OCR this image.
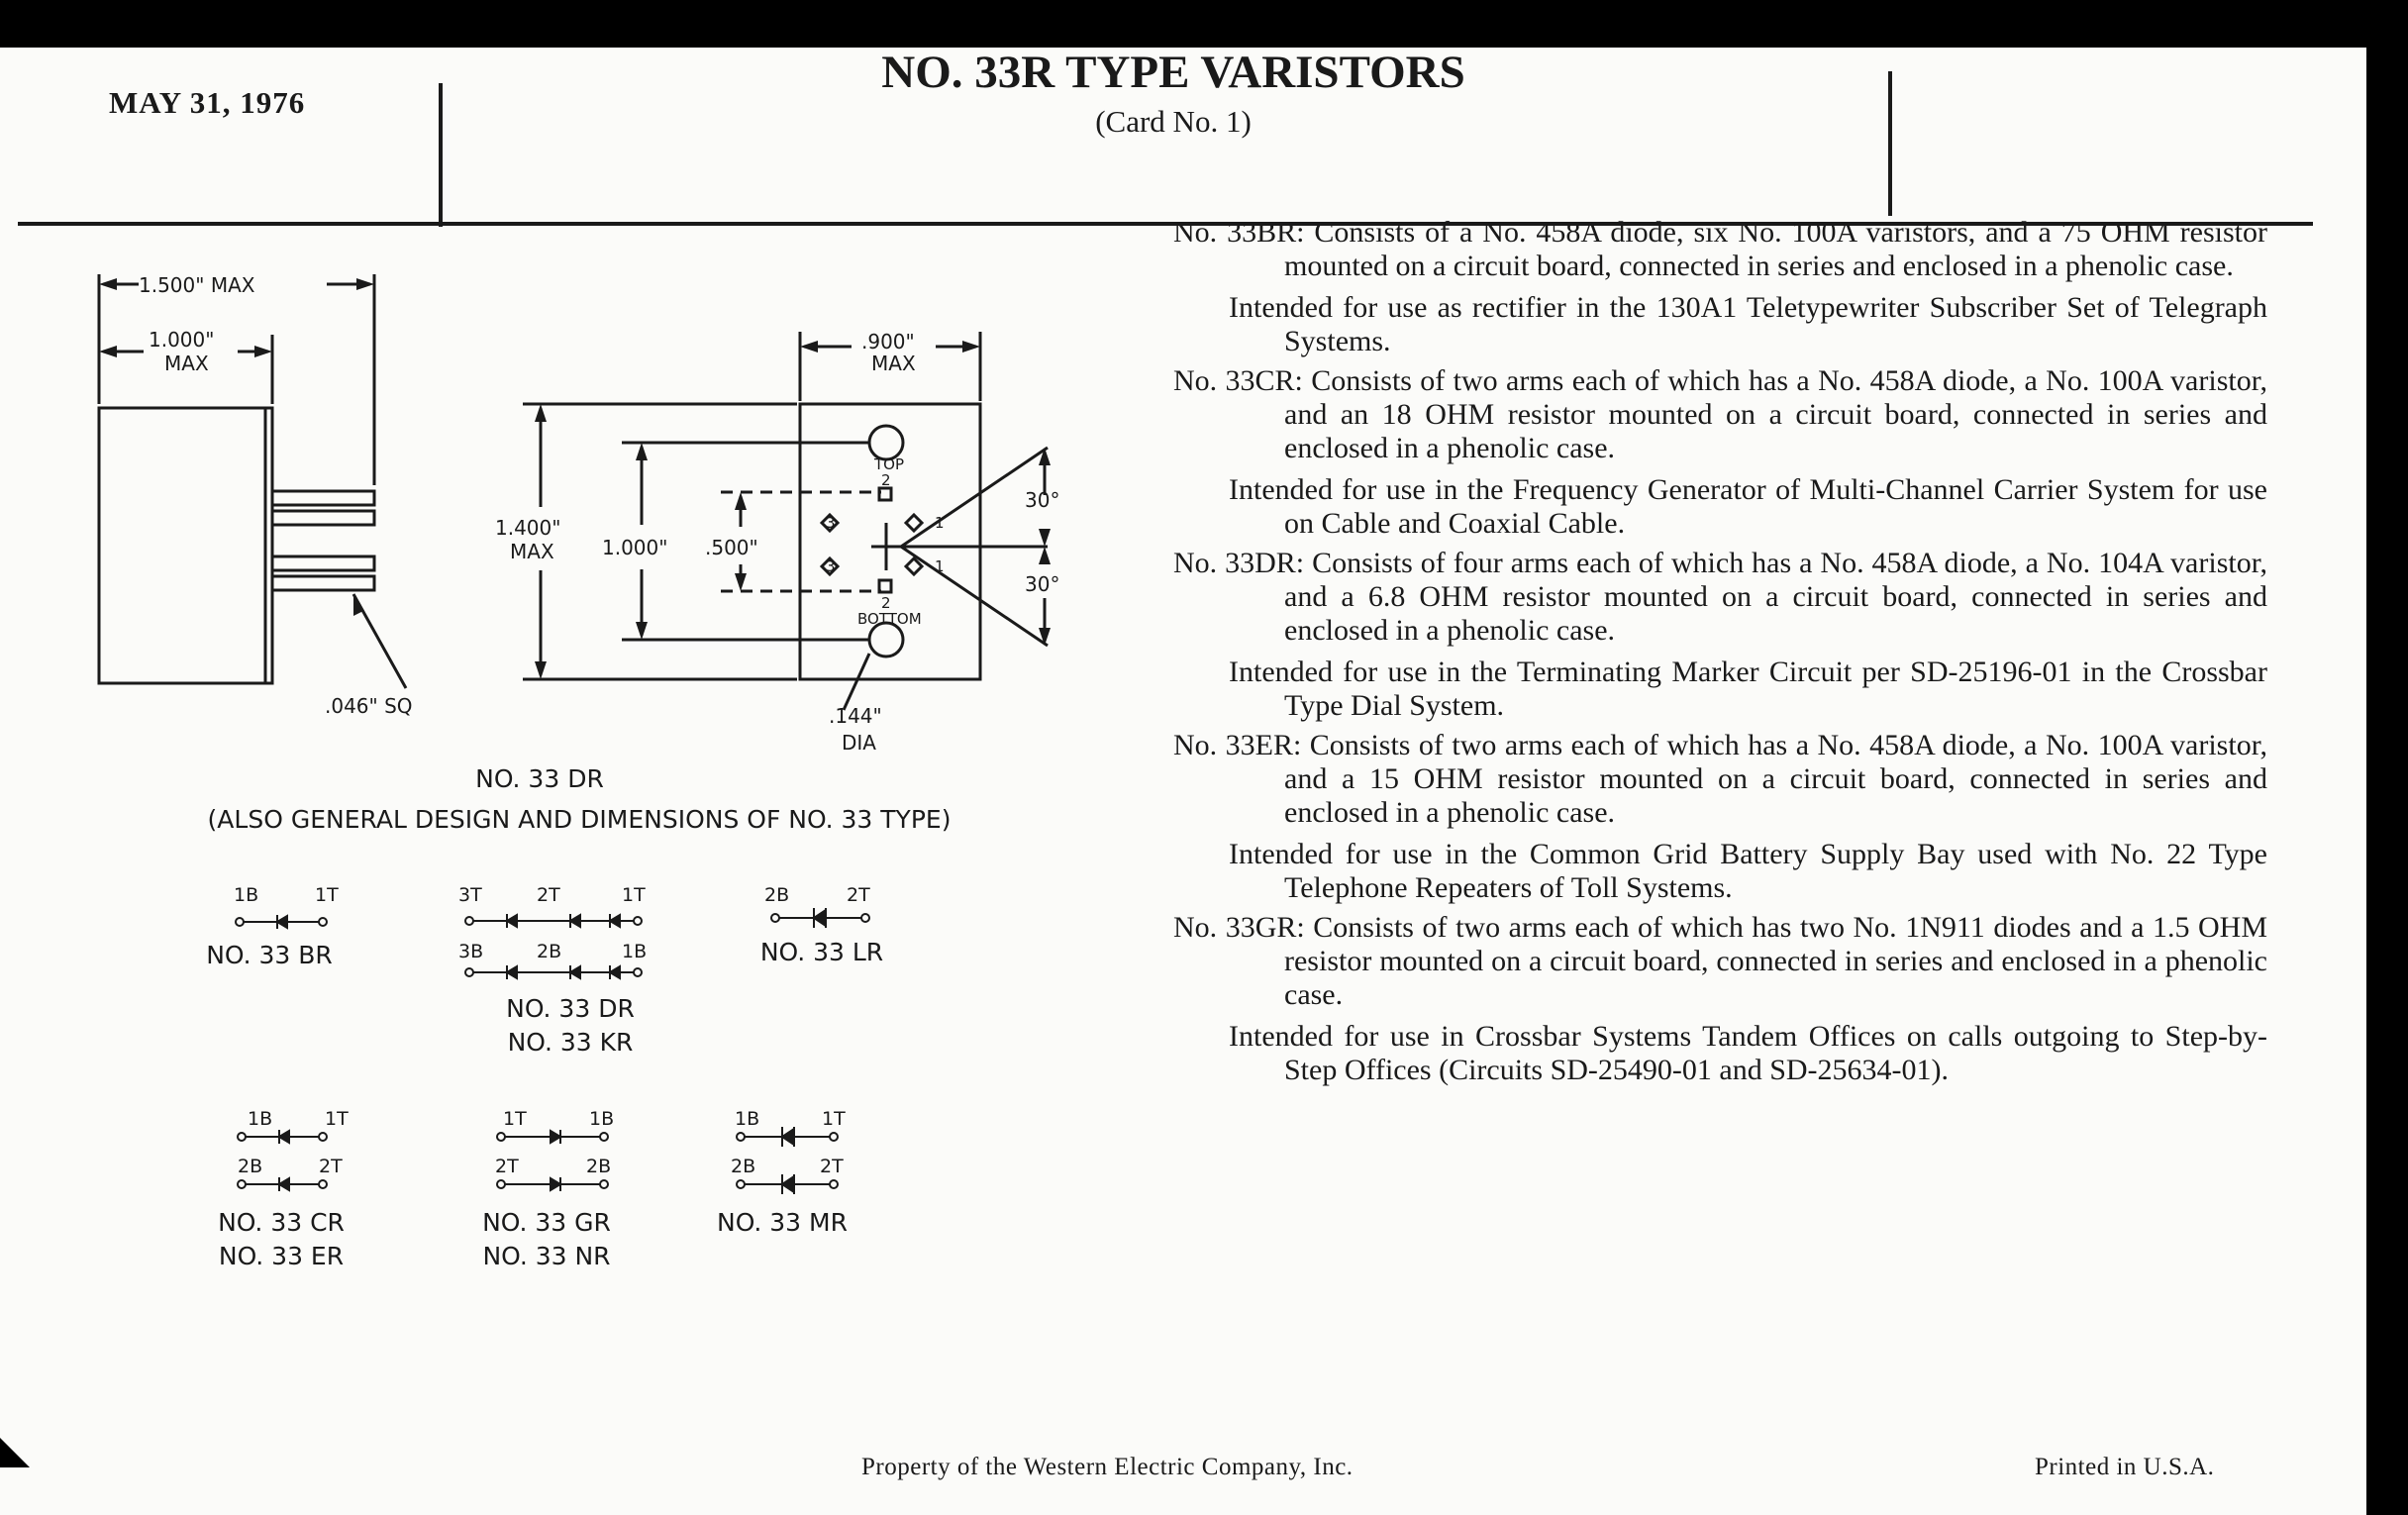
MAY 31, 1976
NO. 33R TYPE VARISTORS
(Card No. 1)
1.500" MAX
1.000"
MAX
.046" SQ
.900"
MAX
1.400"
MAX 1.000" .500"
30°
30°
.144"
DIA
TOP
BOTTOM
2
2
3
3
1
1
NO. 33 DR
(ALSO GENERAL DESIGN AND DIMENSIONS OF NO. 33 TYPE)
1B	1T	3T	2T	1T
3B	2B	1B
2B	2T
1B	1T
2B	2T
1T	1B
2T	2B
1B	1T
2B	2T
NO. 33 BR
NO. 33 DR
NO. 33 KR
NO. 33 LR
NO. 33 CR
NO. 33 ER
NO. 33 GR
NO. 33 NR
NO. 33 MR

No. 33BR: Consists of a No. 458A diode, six No. 100A varistors, and a 75 OHM resistor mounted on a circuit board, connected in series and enclosed in a phenolic case.

Intended for use as rectifier in the 130A1 Teletypewriter Subscriber Set of Telegraph Systems.

No. 33CR: Consists of two arms each of which has a No. 458A diode, a No. 100A varistor, and an 18 OHM resistor mounted on a circuit board, connected in series and enclosed in a phenolic case.

Intended for use in the Frequency Generator of Multi-Channel Carrier System for use on Cable and Coaxial Cable.

No. 33DR: Consists of four arms each of which has a No. 458A diode, a No. 104A varistor, and a 6.8 OHM resistor mounted on a circuit board, connected in series and enclosed in a phenolic case.

Intended for use in the Terminating Marker Circuit per SD-25196-01 in the Crossbar Type Dial System.

No. 33ER: Consists of two arms each of which has a No. 458A diode, a No. 100A varistor, and a 15 OHM resistor mounted on a circuit board, connected in series and enclosed in a phenolic case.

Intended for use in the Common Grid Battery Supply Bay used with No. 22 Type Telephone Repeaters of Toll Systems.

No. 33GR: Consists of two arms each of which has two No. 1N911 diodes and a 1.5 OHM resistor mounted on a circuit board, connected in series and enclosed in a phenolic case.

Intended for use in Crossbar Systems Tandem Offices on calls outgoing to Step-by-Step Offices (Circuits SD-25490-01 and SD-25634-01).

Property of the Western Electric Company, Inc.	Printed in U.S.A.
